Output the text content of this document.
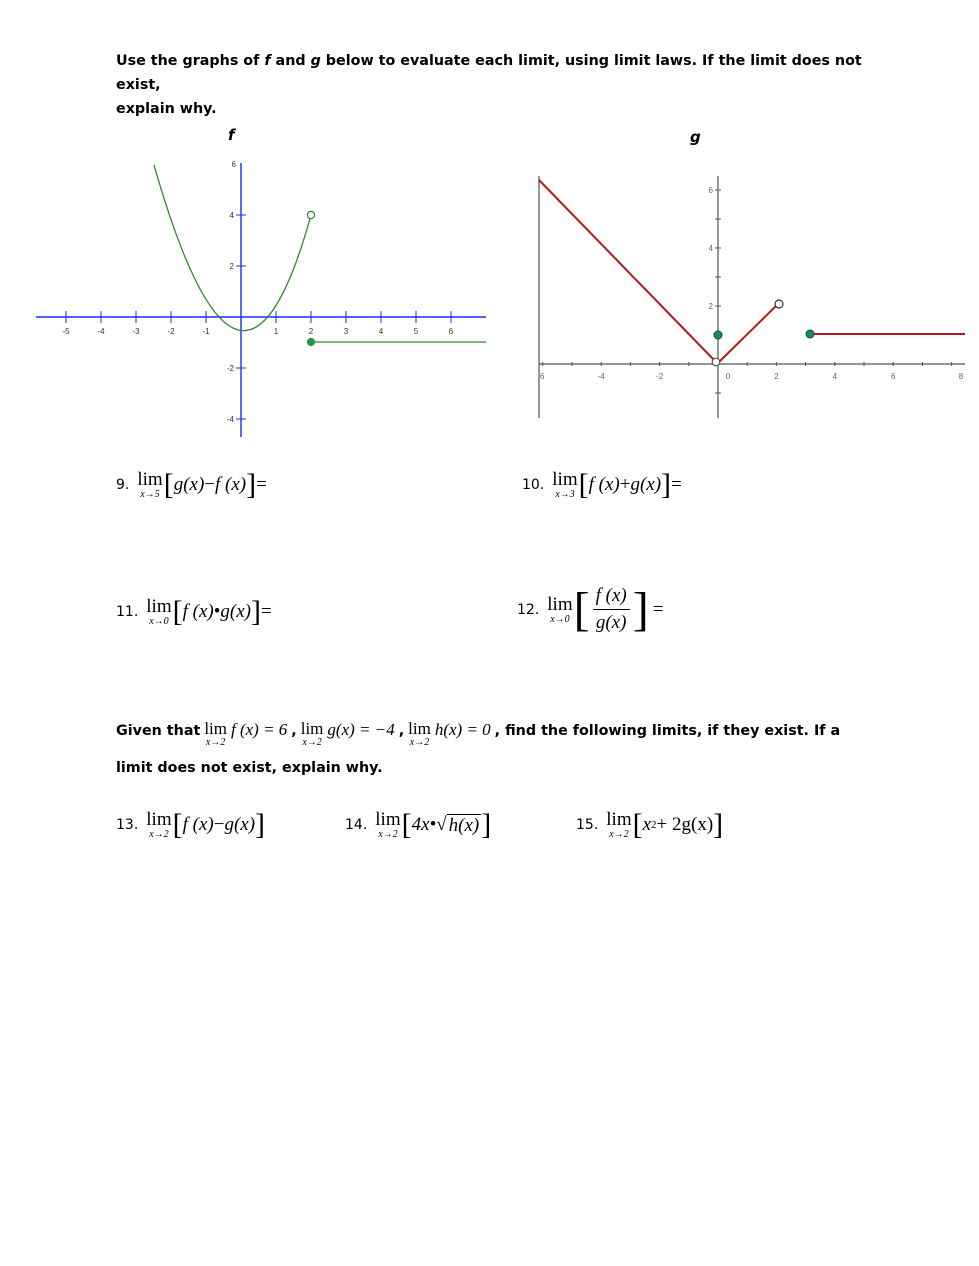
Use the graphs of f and g below to evaluate each limit, using limit laws. If the limit does not exist,
explain why.
f	g
-5	-4	-3	-2	-1	1	2	3	4	5	6
4
2
-2
-4
6
6	-4	-2	0	2	4	6	8
6
4
2
9. lim
x→5 [ g(x) − f (x) ] =	10. lim
x→3 [ f (x) + g(x) ] =
11. lim
x→0 [ f (x) • g(x) ] =	12. lim
x→0 [ $\frac{f (x)}{g(x)}$ ] =
Given that lim
x→2
f (x) = 6 , lim
x→2
g(x) = −4 , lim
x→2
h(x) = 0 , find the following limits, if they exist. If a
limit does not exist, explain why.
13. lim
x→2 [ f (x) − g(x) ]	14. lim
x→2 [ 4x• √ h(x) ]	15. lim
x→2 [ x 2 + 2g(x) ]
